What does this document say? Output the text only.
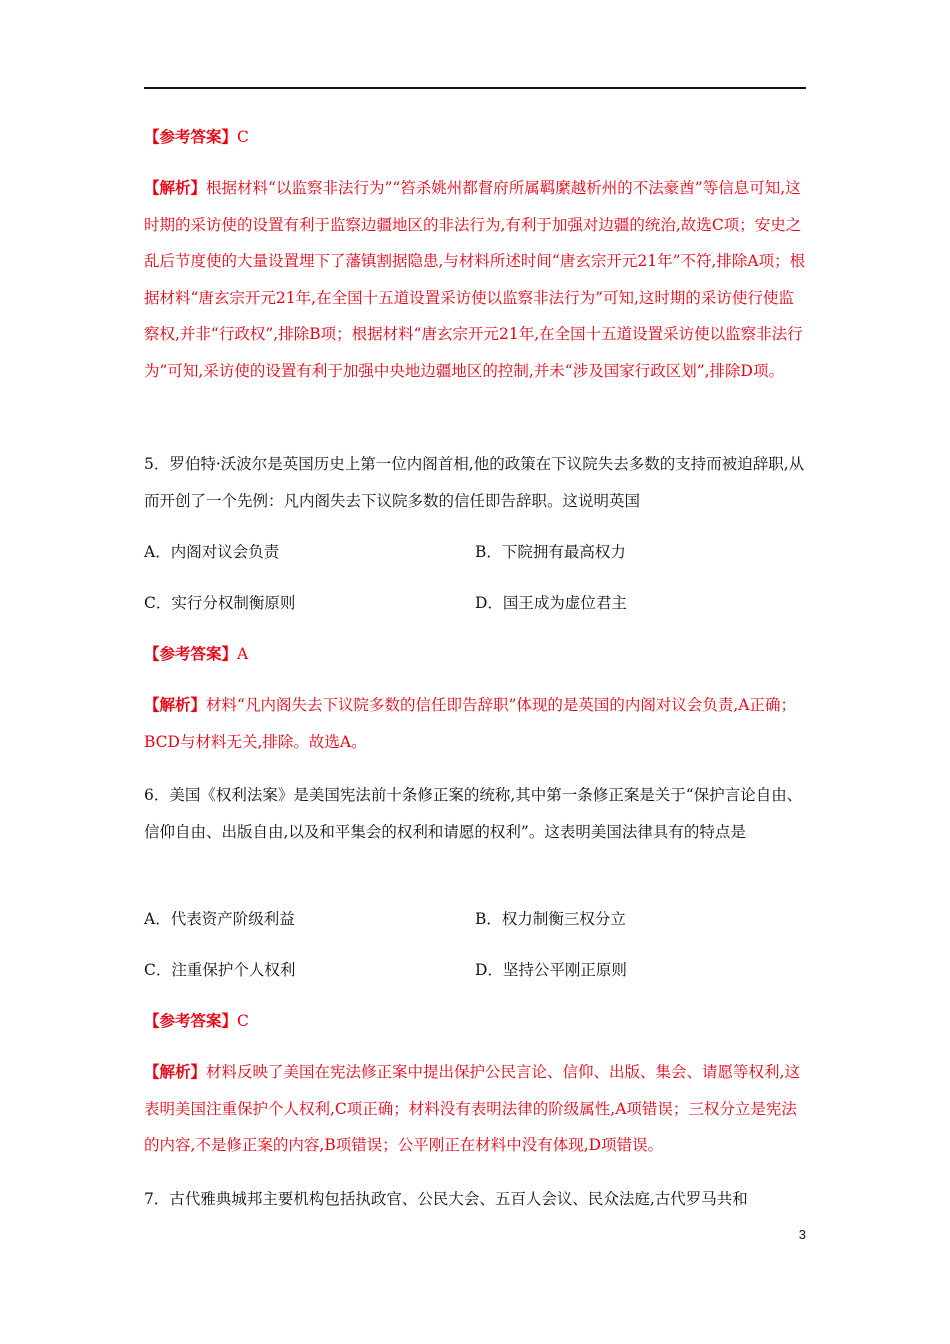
【参考答案】C
【解析】根据材料“以监察非法行为”“笞杀姚州都督府所属羁縻越析州的不法豪酋”等信息可知,这时期的采访使的设置有利于监察边疆地区的非法行为,有利于加强对边疆的统治,故选C项；安史之乱后节度使的大量设置埋下了藩镇割据隐患,与材料所述时间“唐玄宗开元21年”不符,排除A项；根据材料“唐玄宗开元21年,在全国十五道设置采访使以监察非法行为”可知,这时期的采访使行使监察权,并非“行政权”,排除B项；根据材料“唐玄宗开元21年,在全国十五道设置采访使以监察非法行为”可知,采访使的设置有利于加强中央地边疆地区的控制,并未“涉及国家行政区划”,排除D项。
5．罗伯特·沃波尔是英国历史上第一位内阁首相,他的政策在下议院失去多数的支持而被迫辞职,从而开创了一个先例：凡内阁失去下议院多数的信任即告辞职。这说明英国
A．内阁对议会负责	B．下院拥有最高权力
C．实行分权制衡原则	D．国王成为虚位君主
【参考答案】A
【解析】材料“凡内阁失去下议院多数的信任即告辞职”体现的是英国的内阁对议会负责,A正确；BCD与材料无关,排除。故选A。
6．美国《权利法案》是美国宪法前十条修正案的统称,其中第一条修正案是关于“保护言论自由、信仰自由、出版自由,以及和平集会的权利和请愿的权利”。这表明美国法律具有的特点是
A．代表资产阶级利益	B．权力制衡三权分立
C．注重保护个人权利	D．坚持公平刚正原则
【参考答案】C
【解析】材料反映了美国在宪法修正案中提出保护公民言论、信仰、出版、集会、请愿等权利,这表明美国注重保护个人权利,C项正确；材料没有表明法律的阶级属性,A项错误；三权分立是宪法的内容,不是修正案的内容,B项错误；公平刚正在材料中没有体现,D项错误。
7．古代雅典城邦主要机构包括执政官、公民大会、五百人会议、民众法庭,古代罗马共和
3
